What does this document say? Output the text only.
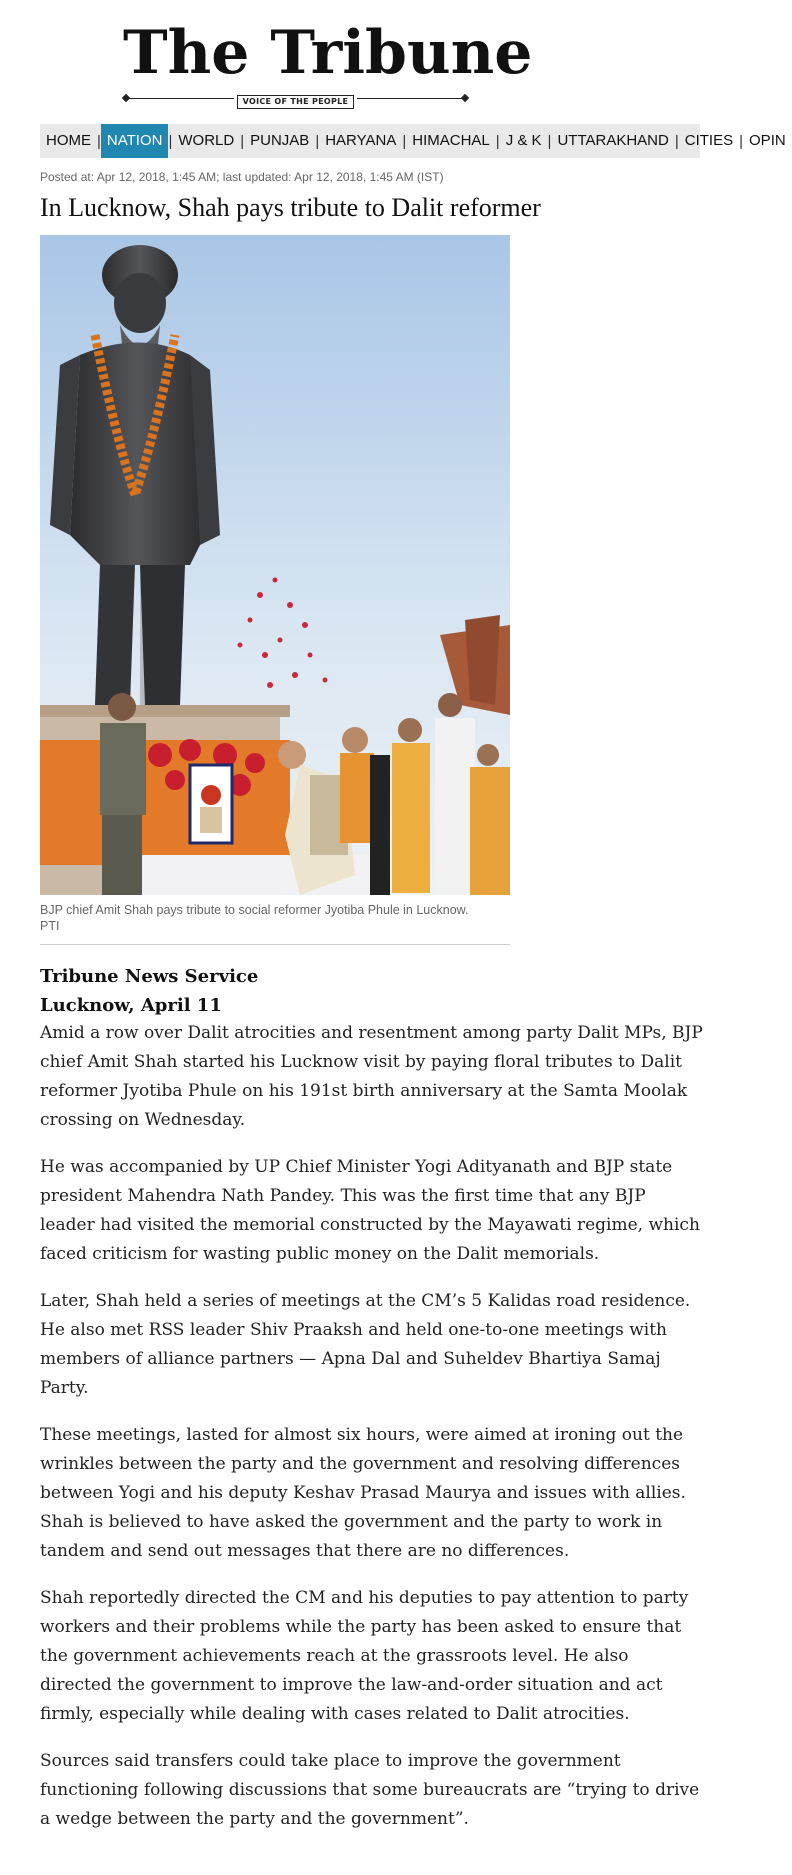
The Tribune
VOICE OF THE PEOPLE
HOME | NATION | WORLD | PUNJAB | HARYANA | HIMACHAL | J & K | UTTARAKHAND | CITIES | OPIN
Posted at: Apr 12, 2018, 1:45 AM; last updated: Apr 12, 2018, 1:45 AM (IST)
In Lucknow, Shah pays tribute to Dalit reformer
BJP chief Amit Shah pays tribute to social reformer Jyotiba Phule in Lucknow. PTI
Tribune News Service
Lucknow, April 11

Amid a row over Dalit atrocities and resentment among party Dalit MPs, BJP chief Amit Shah started his Lucknow visit by paying floral tributes to Dalit reformer Jyotiba Phule on his 191st birth anniversary at the Samta Moolak crossing on Wednesday.

He was accompanied by UP Chief Minister Yogi Adityanath and BJP state president Mahendra Nath Pandey. This was the first time that any BJP leader had visited the memorial constructed by the Mayawati regime, which faced criticism for wasting public money on the Dalit memorials.

Later, Shah held a series of meetings at the CM’s 5 Kalidas road residence. He also met RSS leader Shiv Praaksh and held one-to-one meetings with members of alliance partners — Apna Dal and Suheldev Bhartiya Samaj Party.

These meetings, lasted for almost six hours, were aimed at ironing out the wrinkles between the party and the government and resolving differences between Yogi and his deputy Keshav Prasad Maurya and issues with allies. Shah is believed to have asked the government and the party to work in tandem and send out messages that there are no differences.

Shah reportedly directed the CM and his deputies to pay attention to party workers and their problems while the party has been asked to ensure that the government achievements reach at the grassroots level. He also directed the government to improve the law-and-order situation and act firmly, especially while dealing with cases related to Dalit atrocities.

Sources said transfers could take place to improve the government functioning following discussions that some bureaucrats are “trying to drive a wedge between the party and the government”.
